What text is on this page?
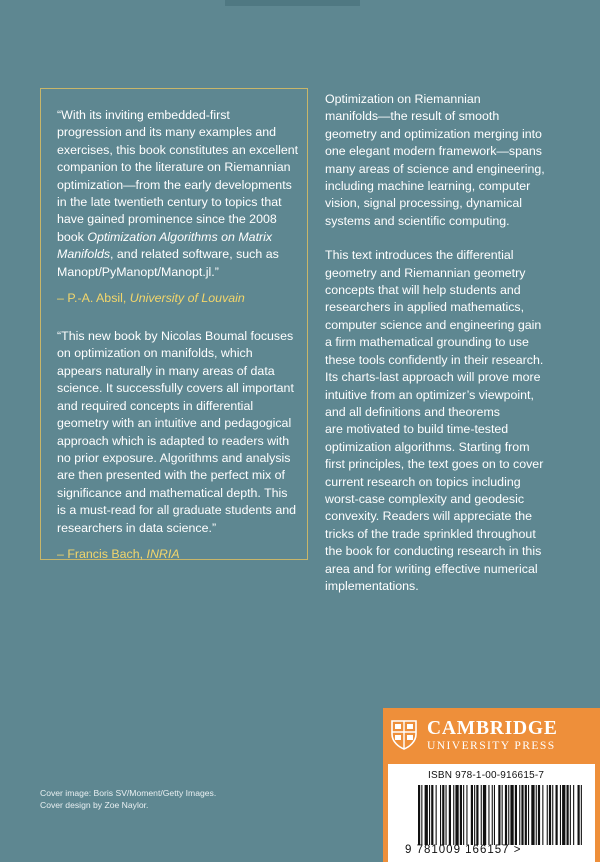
“With its inviting embedded-first
progression and its many examples and
exercises, this book constitutes an excellent
companion to the literature on Riemannian
optimization—from the early developments
in the late twentieth century to topics that
have gained prominence since the 2008
book Optimization Algorithms on Matrix
Manifolds, and related software, such as
Manopt/PyManopt/Manopt.jl.”

– P.-A. Absil, University of Louvain

“This new book by Nicolas Boumal focuses
on optimization on manifolds, which
appears naturally in many areas of data
science. It successfully covers all important
and required concepts in differential
geometry with an intuitive and pedagogical
approach which is adapted to readers with
no prior exposure. Algorithms and analysis
are then presented with the perfect mix of
significance and mathematical depth. This
is a must-read for all graduate students and
researchers in data science.”

– Francis Bach, INRIA

Optimization on Riemannian
manifolds—the result of smooth
geometry and optimization merging into
one elegant modern framework—spans
many areas of science and engineering,
including machine learning, computer
vision, signal processing, dynamical
systems and scientific computing.

This text introduces the differential
geometry and Riemannian geometry
concepts that will help students and
researchers in applied mathematics,
computer science and engineering gain
a firm mathematical grounding to use
these tools confidently in their research.
Its charts-last approach will prove more
intuitive from an optimizer’s viewpoint,
and all definitions and theorems
are motivated to build time-tested
optimization algorithms. Starting from
first principles, the text goes on to cover
current research on topics including
worst-case complexity and geodesic
convexity. Readers will appreciate the
tricks of the trade sprinkled throughout
the book for conducting research in this
area and for writing effective numerical
implementations.

Cover image: Boris SV/Moment/Getty Images.
Cover design by Zoe Naylor.
CAMBRIDGE
UNIVERSITY PRESS
ISBN 978-1-00-916615-7
9 781009 166157 >
